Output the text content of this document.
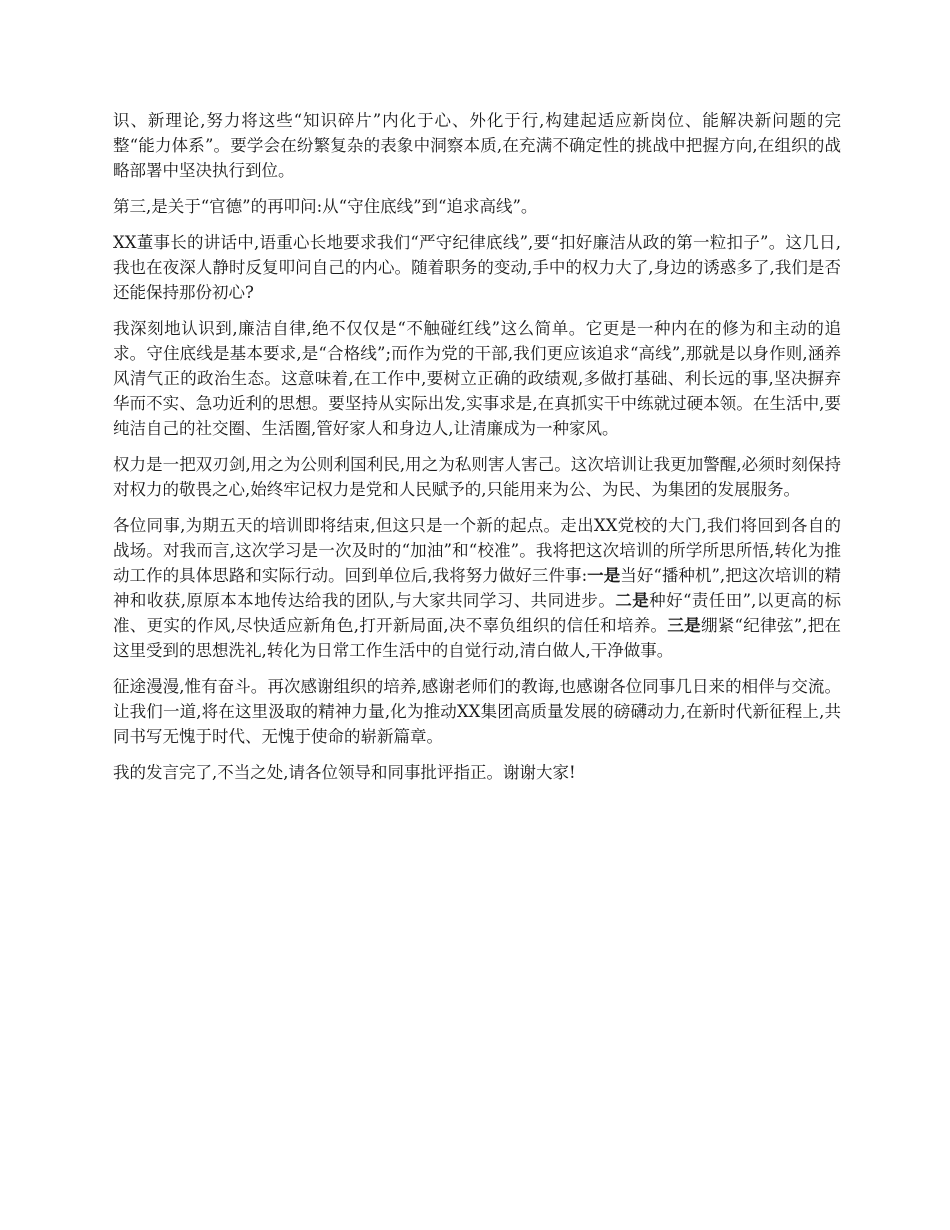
识、新理论,努力将这些“知识碎片”内化于心、外化于行,构建起适应新岗位、能解决新问题的完整“能力体系”。要学会在纷繁复杂的表象中洞察本质,在充满不确定性的挑战中把握方向,在组织的战略部署中坚决执行到位。

第三,是关于“官德”的再叩问:从“守住底线”到“追求高线”。

XX董事长的讲话中,语重心长地要求我们“严守纪律底线”,要“扣好廉洁从政的第一粒扣子”。这几日,我也在夜深人静时反复叩问自己的内心。随着职务的变动,手中的权力大了,身边的诱惑多了,我们是否还能保持那份初心?

我深刻地认识到,廉洁自律,绝不仅仅是“不触碰红线”这么简单。它更是一种内在的修为和主动的追求。守住底线是基本要求,是“合格线”;而作为党的干部,我们更应该追求“高线”,那就是以身作则,涵养风清气正的政治生态。这意味着,在工作中,要树立正确的政绩观,多做打基础、利长远的事,坚决摒弃华而不实、急功近利的思想。要坚持从实际出发,实事求是,在真抓实干中练就过硬本领。在生活中,要纯洁自己的社交圈、生活圈,管好家人和身边人,让清廉成为一种家风。

权力是一把双刃剑,用之为公则利国利民,用之为私则害人害己。这次培训让我更加警醒,必须时刻保持对权力的敬畏之心,始终牢记权力是党和人民赋予的,只能用来为公、为民、为集团的发展服务。

各位同事,为期五天的培训即将结束,但这只是一个新的起点。走出XX党校的大门,我们将回到各自的战场。对我而言,这次学习是一次及时的“加油”和“校准”。我将把这次培训的所学所思所悟,转化为推动工作的具体思路和实际行动。回到单位后,我将努力做好三件事:一是当好“播种机”,把这次培训的精神和收获,原原本本地传达给我的团队,与大家共同学习、共同进步。二是种好“责任田”,以更高的标准、更实的作风,尽快适应新角色,打开新局面,决不辜负组织的信任和培养。三是绷紧“纪律弦”,把在这里受到的思想洗礼,转化为日常工作生活中的自觉行动,清白做人,干净做事。

征途漫漫,惟有奋斗。再次感谢组织的培养,感谢老师们的教诲,也感谢各位同事几日来的相伴与交流。让我们一道,将在这里汲取的精神力量,化为推动XX集团高质量发展的磅礴动力,在新时代新征程上,共同书写无愧于时代、无愧于使命的崭新篇章。

我的发言完了,不当之处,请各位领导和同事批评指正。谢谢大家!
